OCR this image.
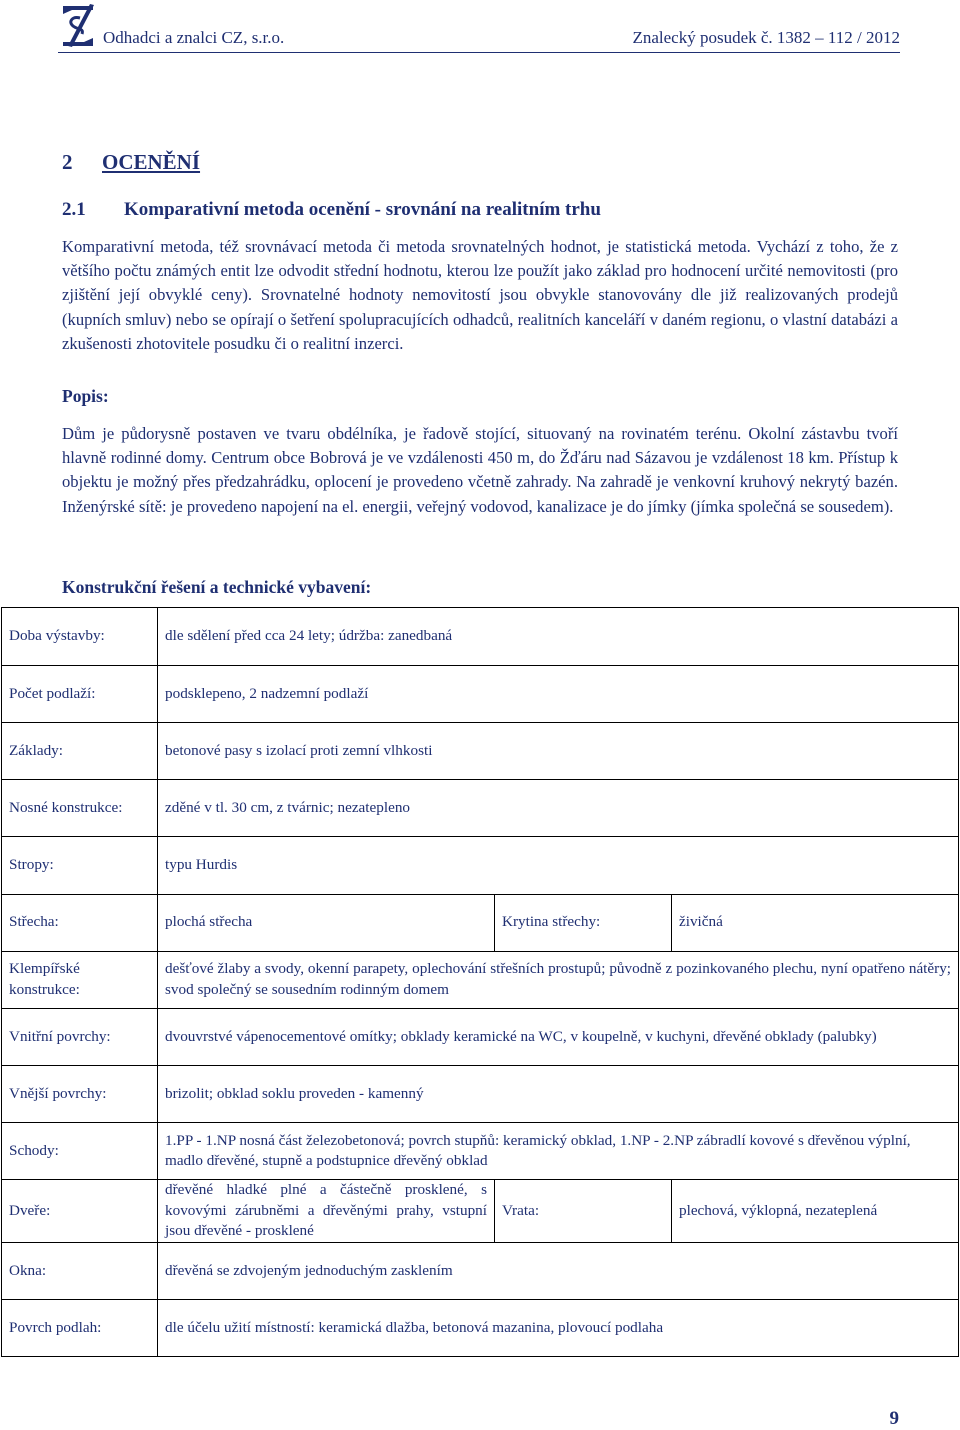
Odhadci a znalci CZ, s.r.o.	Znalecký posudek č. 1382 – 112 / 2012
2 OCENĚNÍ
2.1 Komparativní metoda ocenění - srovnání na realitním trhu

Komparativní metoda, též srovnávací metoda či metoda srovnatelných hodnot, je statistická metoda. Vychází z toho, že z většího počtu známých entit lze odvodit střední hodnotu, kterou lze použít jako základ pro hodnocení určité nemovitosti (pro zjištění její obvyklé ceny). Srovnatelné hodnoty nemovitostí jsou obvykle stanovovány dle již realizovaných prodejů (kupních smluv) nebo se opírají o šetření spolupracujících odhadců, realitních kanceláří v daném regionu, o vlastní databázi a zkušenosti zhotovitele posudku či o realitní inzerci.

Popis:

Dům je půdorysně postaven ve tvaru obdélníka, je řadově stojící, situovaný na rovinatém terénu. Okolní zástavbu tvoří hlavně rodinné domy. Centrum obce Bobrová je ve vzdálenosti 450 m, do Žďáru nad Sázavou je vzdálenost 18 km. Přístup k objektu je možný přes předzahrádku, oplocení je provedeno včetně zahrady. Na zahradě je venkovní kruhový nekrytý bazén. Inženýrské sítě: je provedeno napojení na el. energii, veřejný vodovod, kanalizace je do jímky (jímka společná se sousedem).

Konstrukční řešení a technické vybavení:
Doba výstavby:	dle sdělení před cca 24 lety; údržba: zanedbaná		
Počet podlaží:	podsklepeno, 2 nadzemní podlaží		
Základy:	betonové pasy s izolací proti zemní vlhkosti		
Nosné konstrukce:	zděné v tl. 30 cm, z tvárnic; nezatepleno		
Stropy:	typu Hurdis		
Střecha:	plochá střecha	Krytina střechy:	živičná
Klempířské konstrukce:	dešťové žlaby a svody, okenní parapety, oplechování střešních prostupů; původně z pozinkovaného plechu, nyní opatřeno nátěry; svod společný se sousedním rodinným domem		
Vnitřní povrchy:	dvouvrstvé vápenocementové omítky; obklady keramické na WC, v koupelně, v kuchyni, dřevěné obklady (palubky)		
Vnější povrchy:	brizolit; obklad soklu proveden - kamenný		
Schody:	1.PP - 1.NP nosná část železobetonová; povrch stupňů: keramický obklad, 1.NP - 2.NP zábradlí kovové s dřevěnou výplní, madlo dřevěné, stupně a podstupnice dřevěný obklad		
Dveře:	dřevěné hladké plné a částečně prosklené, s kovovými zárubněmi a dřevěnými prahy, vstupní jsou dřevěné - prosklené	Vrata:	plechová, výklopná, nezateplená
Okna:	dřevěná se zdvojeným jednoduchým zasklením		
Povrch podlah:	dle účelu užití místností: keramická dlažba, betonová mazanina, plovoucí podlaha		
9
